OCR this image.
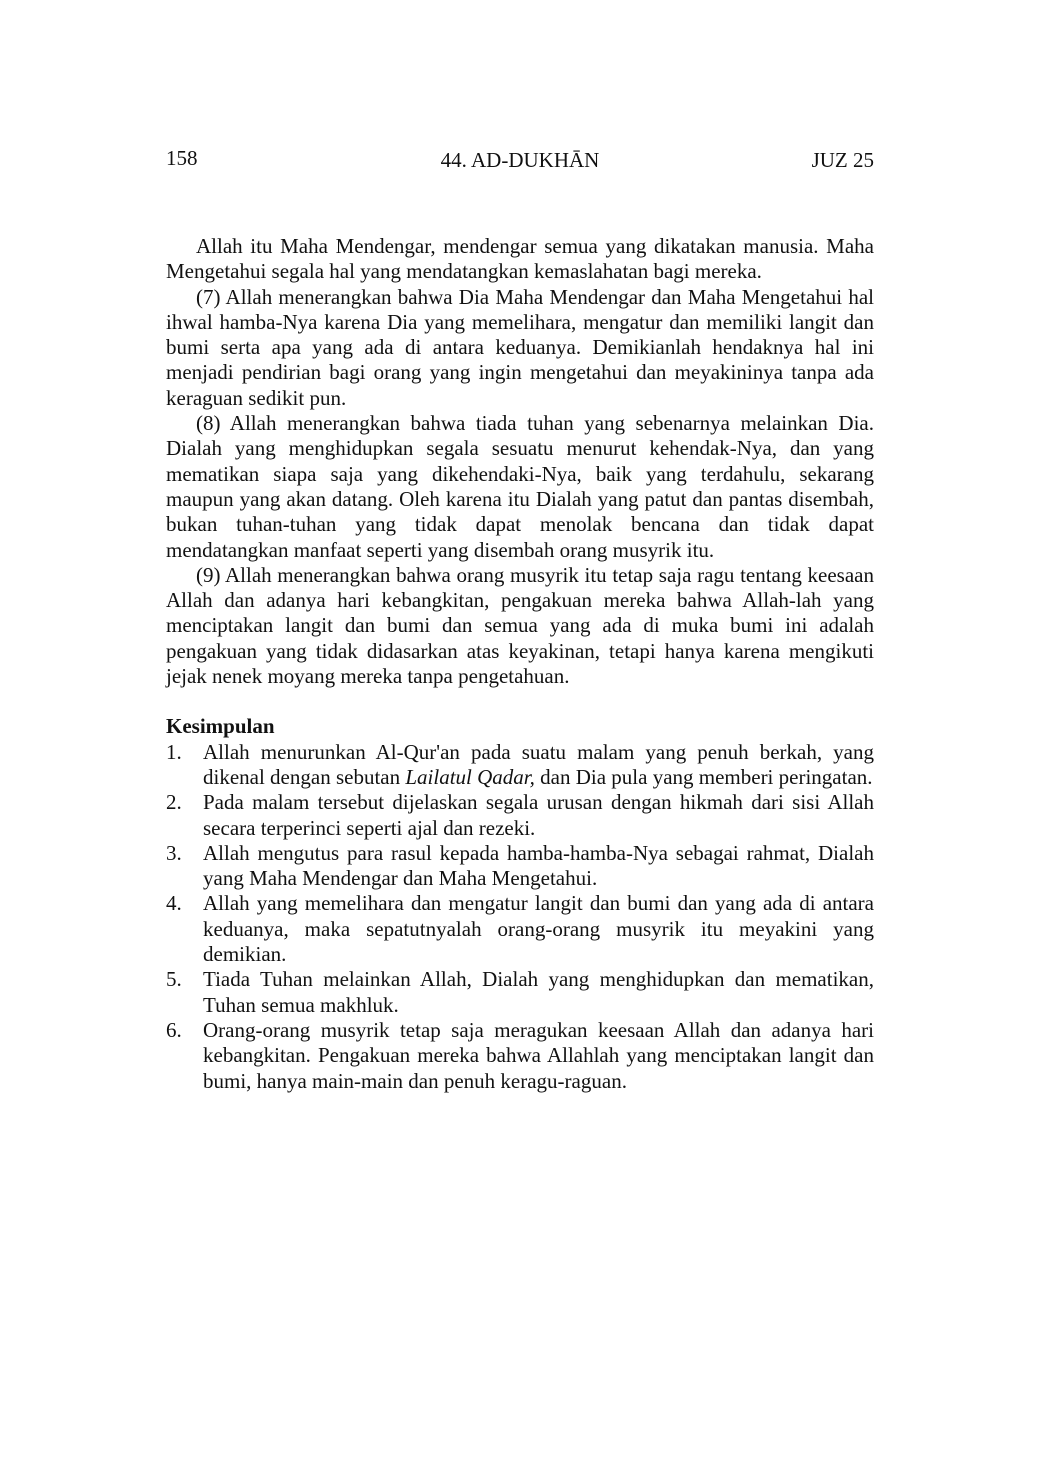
158	44. AD-DUKHĀN	JUZ 25

Allah itu Maha Mendengar, mendengar semua yang dikatakan manusia. Maha Mengetahui segala hal yang mendatangkan kemaslahatan bagi mereka.

(7) Allah menerangkan bahwa Dia Maha Mendengar dan Maha Mengetahui hal ihwal hamba-Nya karena Dia yang memelihara, mengatur dan memiliki langit dan bumi serta apa yang ada di antara keduanya. Demikianlah hendaknya hal ini menjadi pendirian bagi orang yang ingin mengetahui dan meyakininya tanpa ada keraguan sedikit pun.

(8) Allah menerangkan bahwa tiada tuhan yang sebenarnya melainkan Dia. Dialah yang menghidupkan segala sesuatu menurut kehendak-Nya, dan yang mematikan siapa saja yang dikehendaki-Nya, baik yang terdahulu, sekarang maupun yang akan datang. Oleh karena itu Dialah yang patut dan pantas disembah, bukan tuhan-tuhan yang tidak dapat menolak bencana dan tidak dapat mendatangkan manfaat seperti yang disembah orang musyrik itu.

(9) Allah menerangkan bahwa orang musyrik itu tetap saja ragu tentang keesaan Allah dan adanya hari kebangkitan, pengakuan mereka bahwa Allah-lah yang menciptakan langit dan bumi dan semua yang ada di muka bumi ini adalah pengakuan yang tidak didasarkan atas keyakinan, tetapi hanya karena mengikuti jejak nenek moyang mereka tanpa pengetahuan.

Kesimpulan
1. Allah menurunkan Al-Qur'an pada suatu malam yang penuh berkah, yang dikenal dengan sebutan Lailatul Qadar, dan Dia pula yang memberi peringatan.
2. Pada malam tersebut dijelaskan segala urusan dengan hikmah dari sisi Allah secara terperinci seperti ajal dan rezeki.
3. Allah mengutus para rasul kepada hamba-hamba-Nya sebagai rahmat, Dialah yang Maha Mendengar dan Maha Mengetahui.
4. Allah yang memelihara dan mengatur langit dan bumi dan yang ada di antara keduanya, maka sepatutnyalah orang-orang musyrik itu meyakini yang demikian.
5. Tiada Tuhan melainkan Allah, Dialah yang menghidupkan dan mematikan, Tuhan semua makhluk.
6. Orang-orang musyrik tetap saja meragukan keesaan Allah dan adanya hari kebangkitan. Pengakuan mereka bahwa Allahlah yang menciptakan langit dan bumi, hanya main-main dan penuh keragu-raguan.
